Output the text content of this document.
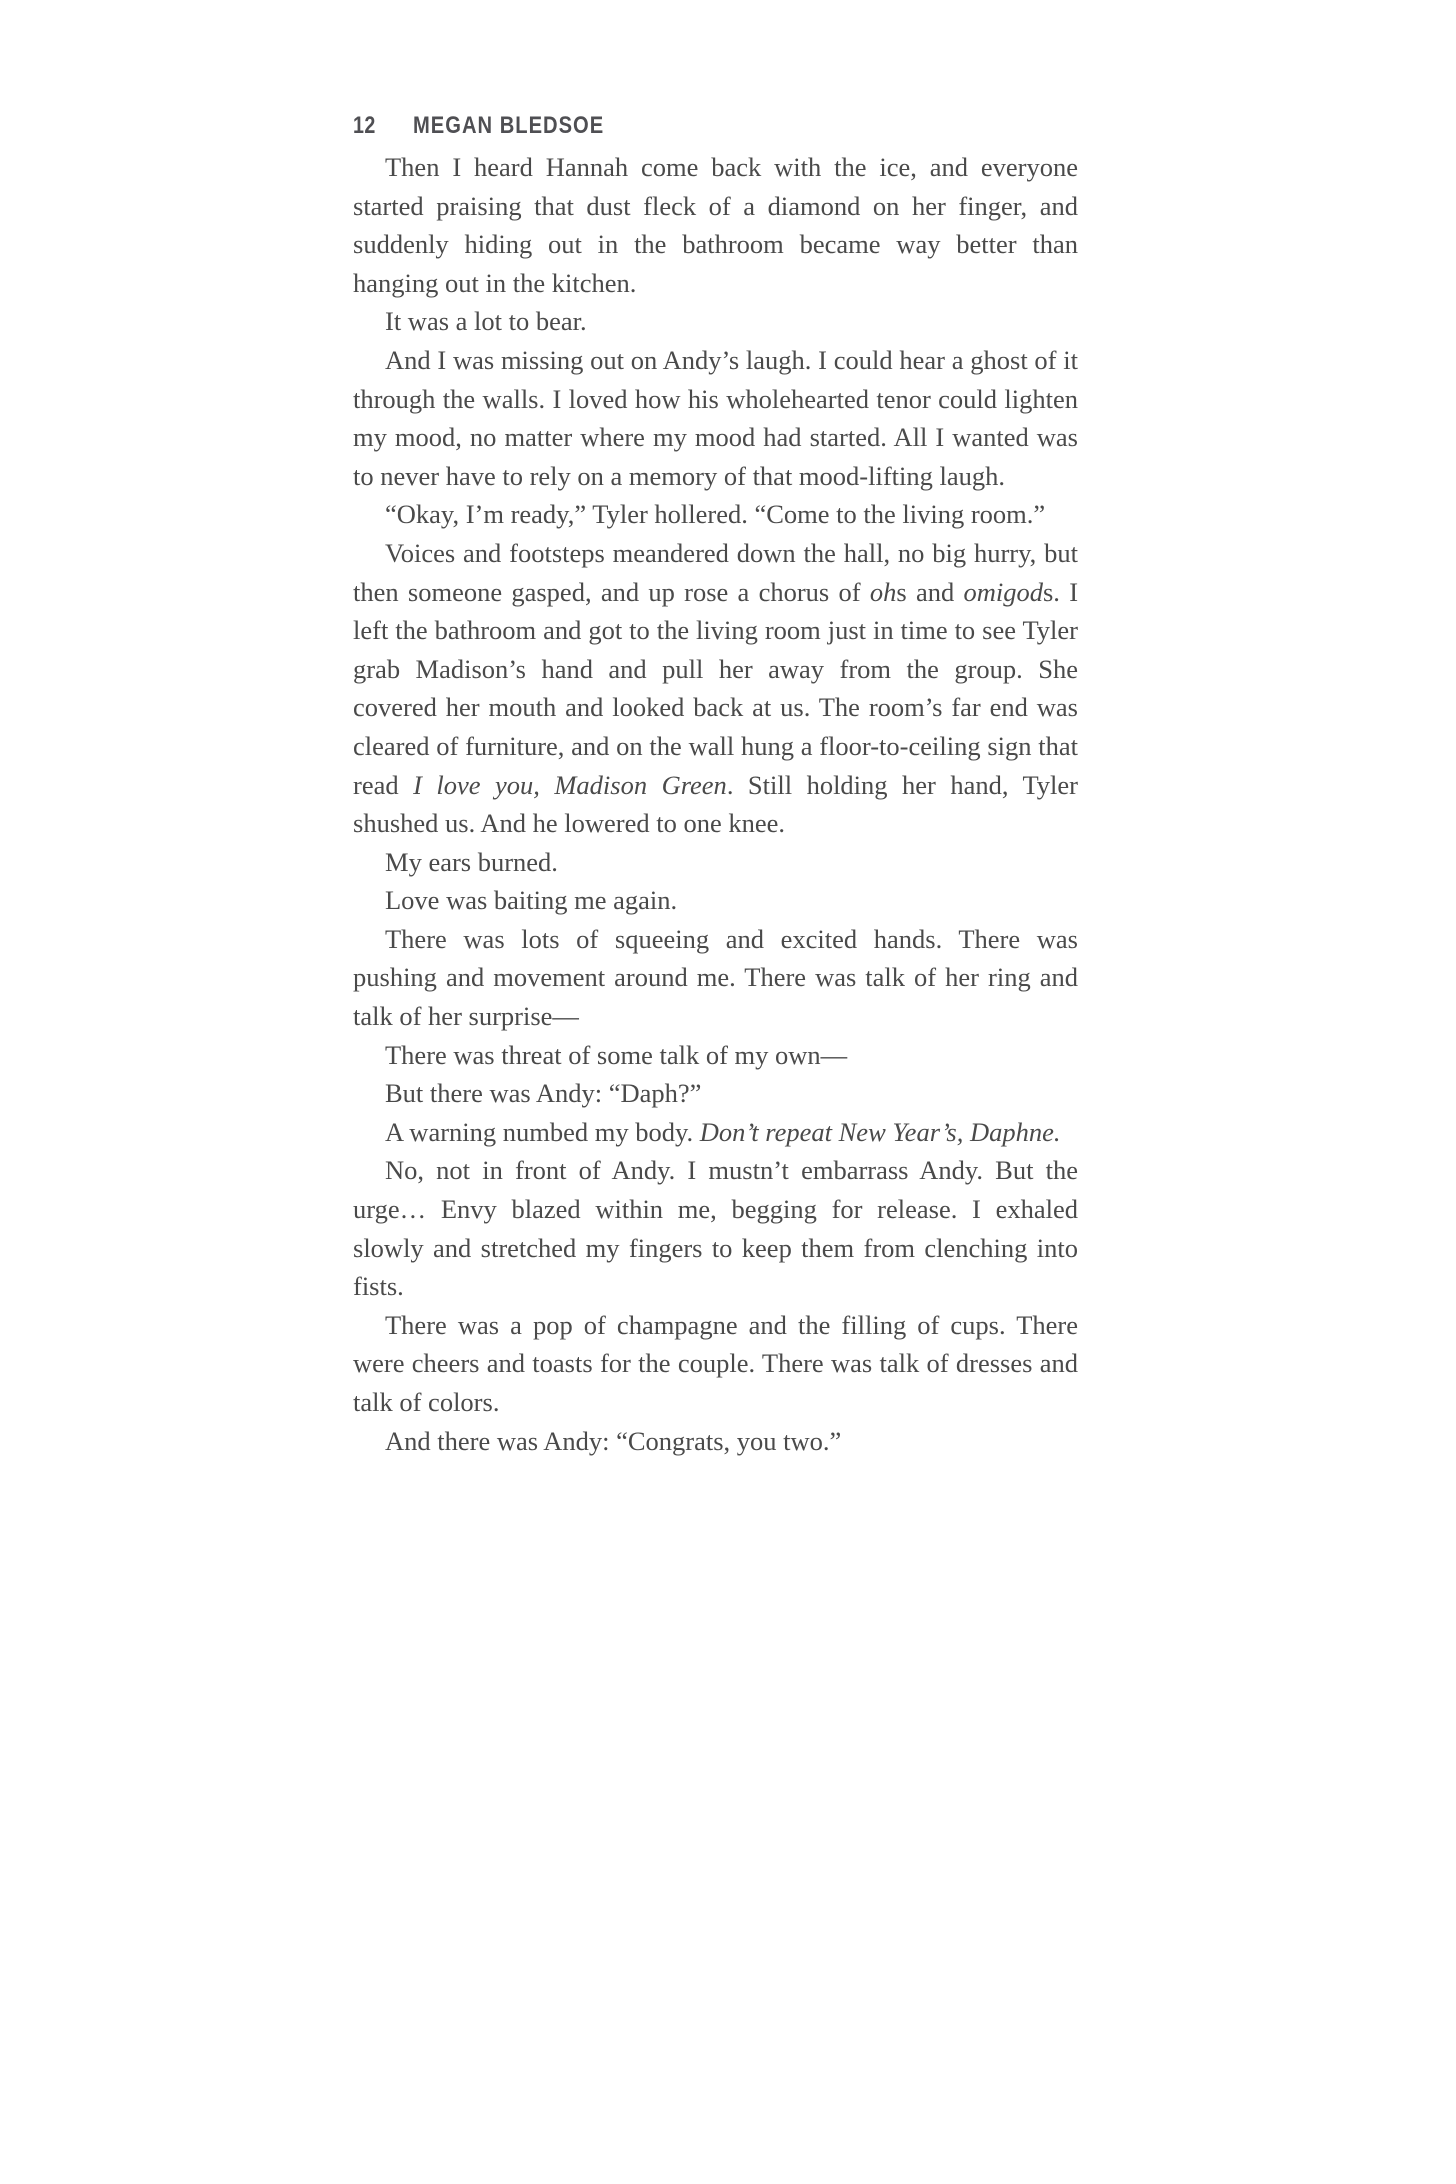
12 MEGAN BLEDSOE

Then I heard Hannah come back with the ice, and everyone started praising that dust fleck of a diamond on her finger, and suddenly hiding out in the bathroom became way better than hanging out in the kitchen.

It was a lot to bear.

And I was missing out on Andy’s laugh. I could hear a ghost of it through the walls. I loved how his wholehearted tenor could lighten my mood, no matter where my mood had started. All I wanted was to never have to rely on a memory of that mood-lifting laugh.

“Okay, I’m ready,” Tyler hollered. “Come to the living room.”

Voices and footsteps meandered down the hall, no big hurry, but then someone gasped, and up rose a chorus of ohs and omigods. I left the bathroom and got to the living room just in time to see Tyler grab Madison’s hand and pull her away from the group. She covered her mouth and looked back at us. The room’s far end was cleared of furniture, and on the wall hung a floor-to-ceiling sign that read I love you, Madison Green. Still holding her hand, Tyler shushed us. And he lowered to one knee.

My ears burned.

Love was baiting me again.

There was lots of squeeing and excited hands. There was pushing and movement around me. There was talk of her ring and talk of her surprise—

There was threat of some talk of my own—

But there was Andy: “Daph?”

A warning numbed my body. Don’t repeat New Year’s, Daphne.

No, not in front of Andy. I mustn’t embarrass Andy. But the urge… Envy blazed within me, begging for release. I exhaled slowly and stretched my fingers to keep them from clenching into fists.

There was a pop of champagne and the filling of cups. There were cheers and toasts for the couple. There was talk of dresses and talk of colors.

And there was Andy: “Congrats, you two.”
